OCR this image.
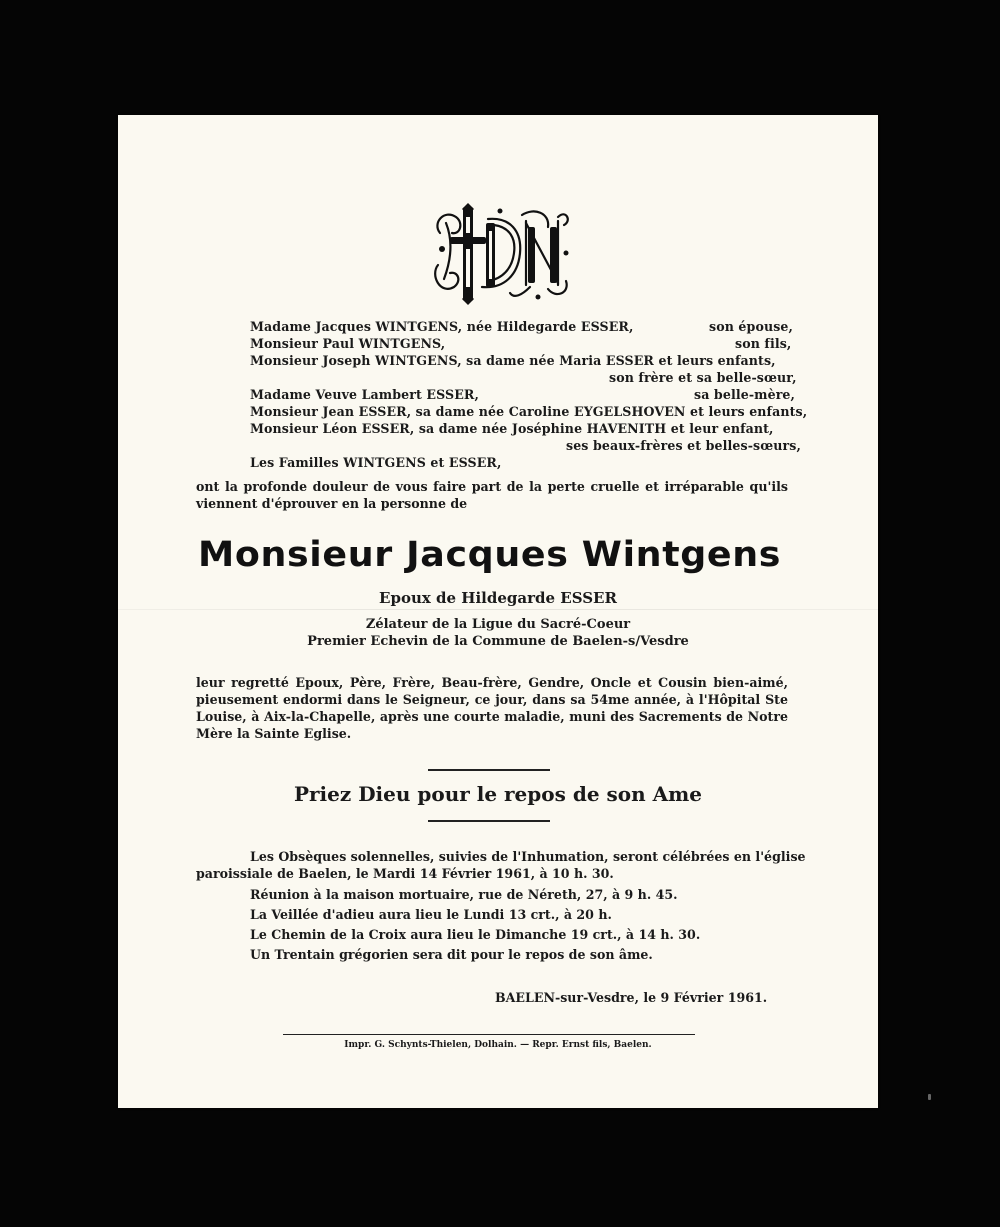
Madame Jacques WINTGENS, née Hildegarde ESSER,	son épouse,
Monsieur Paul WINTGENS,	son fils,
Monsieur Joseph WINTGENS, sa dame née Maria ESSER et leurs enfants,
son frère et sa belle-sœur,
Madame Veuve Lambert ESSER,	sa belle-mère,
Monsieur Jean ESSER, sa dame née Caroline EYGELSHOVEN et leurs enfants,
Monsieur Léon ESSER, sa dame née Joséphine HAVENITH et leur enfant,
ses beaux-frères et belles-sœurs,
Les Familles WINTGENS et ESSER,
ont la profonde douleur de vous faire part de la perte cruelle et irréparable qu'ils
viennent d'éprouver en la personne de
Monsieur Jacques Wintgens
Epoux de Hildegarde ESSER
Zélateur de la Ligue du Sacré-Coeur
Premier Echevin de la Commune de Baelen-s/Vesdre
leur regretté Epoux, Père, Frère, Beau-frère, Gendre, Oncle et Cousin bien-aimé,
pieusement endormi dans le Seigneur, ce jour, dans sa 54me année, à l'Hôpital Ste
Louise, à Aix-la-Chapelle, après une courte maladie, muni des Sacrements de Notre
Mère la Sainte Eglise.
Priez Dieu pour le repos de son Ame
Les Obsèques solennelles, suivies de l'Inhumation, seront célébrées en l'église
paroissiale de Baelen, le Mardi 14 Février 1961, à 10 h. 30.
Réunion à la maison mortuaire, rue de Néreth, 27, à 9 h. 45.
La Veillée d'adieu aura lieu le Lundi 13 crt., à 20 h.
Le Chemin de la Croix aura lieu le Dimanche 19 crt., à 14 h. 30.
Un Trentain grégorien sera dit pour le repos de son âme.
BAELEN-sur-Vesdre, le 9 Février 1961.
Impr. G. Schynts-Thielen, Dolhain. — Repr. Ernst fils, Baelen.
